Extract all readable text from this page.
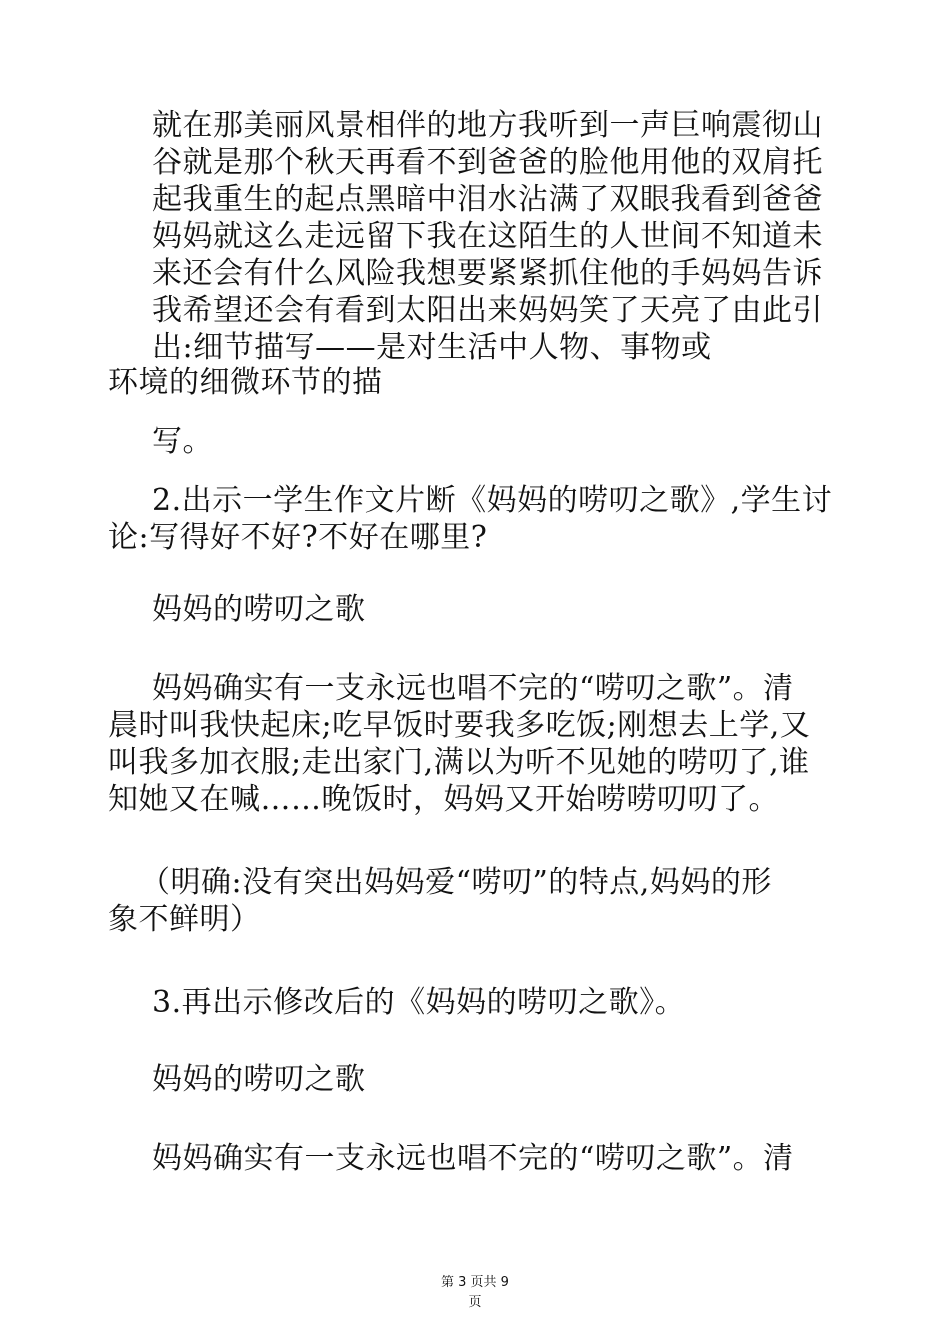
就在那美丽风景相伴的地方我听到一声巨响震彻山
谷就是那个秋天再看不到爸爸的脸他用他的双肩托
起我重生的起点黑暗中泪水沾满了双眼我看到爸爸
妈妈就这么走远留下我在这陌生的人世间不知道未
来还会有什么风险我想要紧紧抓住他的手妈妈告诉
我希望还会有看到太阳出来妈妈笑了天亮了由此引
出:细节描写——是对生活中人物、事物或
环境的细微环节的描
写。
2.出示一学生作文片断《妈妈的唠叨之歌》,学生讨
论:写得好不好?不好在哪里?
妈妈的唠叨之歌
妈妈确实有一支永远也唱不完的“唠叨之歌”。清
晨时叫我快起床;吃早饭时要我多吃饭;刚想去上学,又
叫我多加衣服;走出家门,满以为听不见她的唠叨了,谁
知她又在喊……晚饭时，妈妈又开始唠唠叨叨了。
（明确:没有突出妈妈爱“唠叨”的特点,妈妈的形
象不鲜明）
3.再出示修改后的《妈妈的唠叨之歌》。
妈妈的唠叨之歌
妈妈确实有一支永远也唱不完的“唠叨之歌”。清
第 3 页共 9
页
